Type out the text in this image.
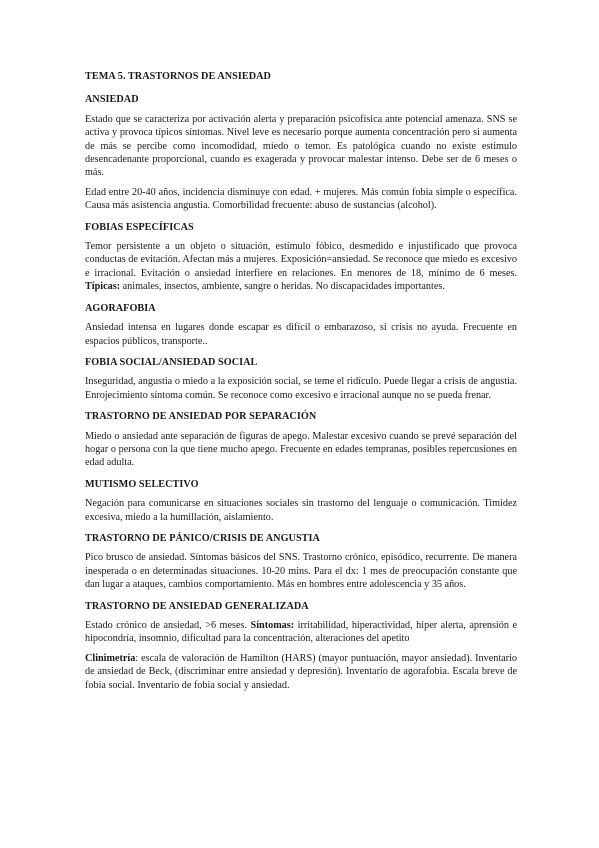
TEMA 5. TRASTORNOS DE ANSIEDAD
ANSIEDAD

Estado que se caracteriza por activación alerta y preparación psicofísica ante potencial amenaza. SNS se activa y provoca típicos síntomas. Nivel leve es necesario porque aumenta concentración pero si aumenta de más se percibe como incomodidad, miedo o temor. Es patológica cuando no existe estimulo desencadenante proporcional, cuando es exagerada y provocar malestar intenso. Debe ser de 6 meses o más.

Edad entre 20-40 años, incidencia disminuye con edad. + mujeres. Más común fobia simple o específica. Causa más asistencia angustia. Comorbilidad frecuente: abuso de sustancias (alcohol).

FOBIAS ESPECÍFICAS

Temor persistente a un objeto o situación, estímulo fóbico, desmedido e injustificado que provoca conductas de evitación. Afectan más a mujeres. Exposición=ansiedad. Se reconoce que miedo es excesivo e irracional. Evitación o ansiedad interfiere en relaciones. En menores de 18, mínimo de 6 meses. Típicas: animales, insectos, ambiente, sangre o heridas. No discapacidades importantes.

AGORAFOBIA

Ansiedad intensa en lugares donde escapar es difícil o embarazoso, si crisis no ayuda. Frecuente en espacios públicos, transporte..

FOBIA SOCIAL/ANSIEDAD SOCIAL

Inseguridad, angustia o miedo a la exposición social, se teme el ridículo. Puede llegar a crisis de angustia. Enrojecimiento síntoma común. Se reconoce como excesivo e irracional aunque no se pueda frenar.

TRASTORNO DE ANSIEDAD POR SEPARACIÓN

Miedo o ansiedad ante separación de figuras de apego. Malestar excesivo cuando se prevé separación del hogar o persona con la que tiene mucho apego. Frecuente en edades tempranas, posibles repercusiones en edad adulta.

MUTISMO SELECTIVO

Negación para comunicarse en situaciones sociales sin trastorno del lenguaje o comunicación. Timidez excesiva, miedo a la humillación, aislamiento.

TRASTORNO DE PÁNICO/CRISIS DE ANGUSTIA

Pico brusco de ansiedad. Síntomas básicos del SNS. Trastorno crónico, episódico, recurrente. De manera inesperada o en determinadas situaciones. 10-20 mins. Para el dx: 1 mes de preocupación constante que dan lugar a ataques, cambios comportamiento. Más en hombres entre adolescencia y 35 años.

TRASTORNO DE ANSIEDAD GENERALIZADA

Estado crónico de ansiedad, >6 meses. Síntomas: irritabilidad, hiperactividad, hiper alerta, aprensión e hipocondría, insomnio, dificultad para la concentración, alteraciones del apetito

Clinimetría: escala de valoración de Hamilton (HARS) (mayor puntuación, mayor ansiedad). Inventario de ansiedad de Beck, (discriminar entre ansiedad y depresión). Inventario de agorafobia. Escala breve de fobia social. Inventario de fobia social y ansiedad.
